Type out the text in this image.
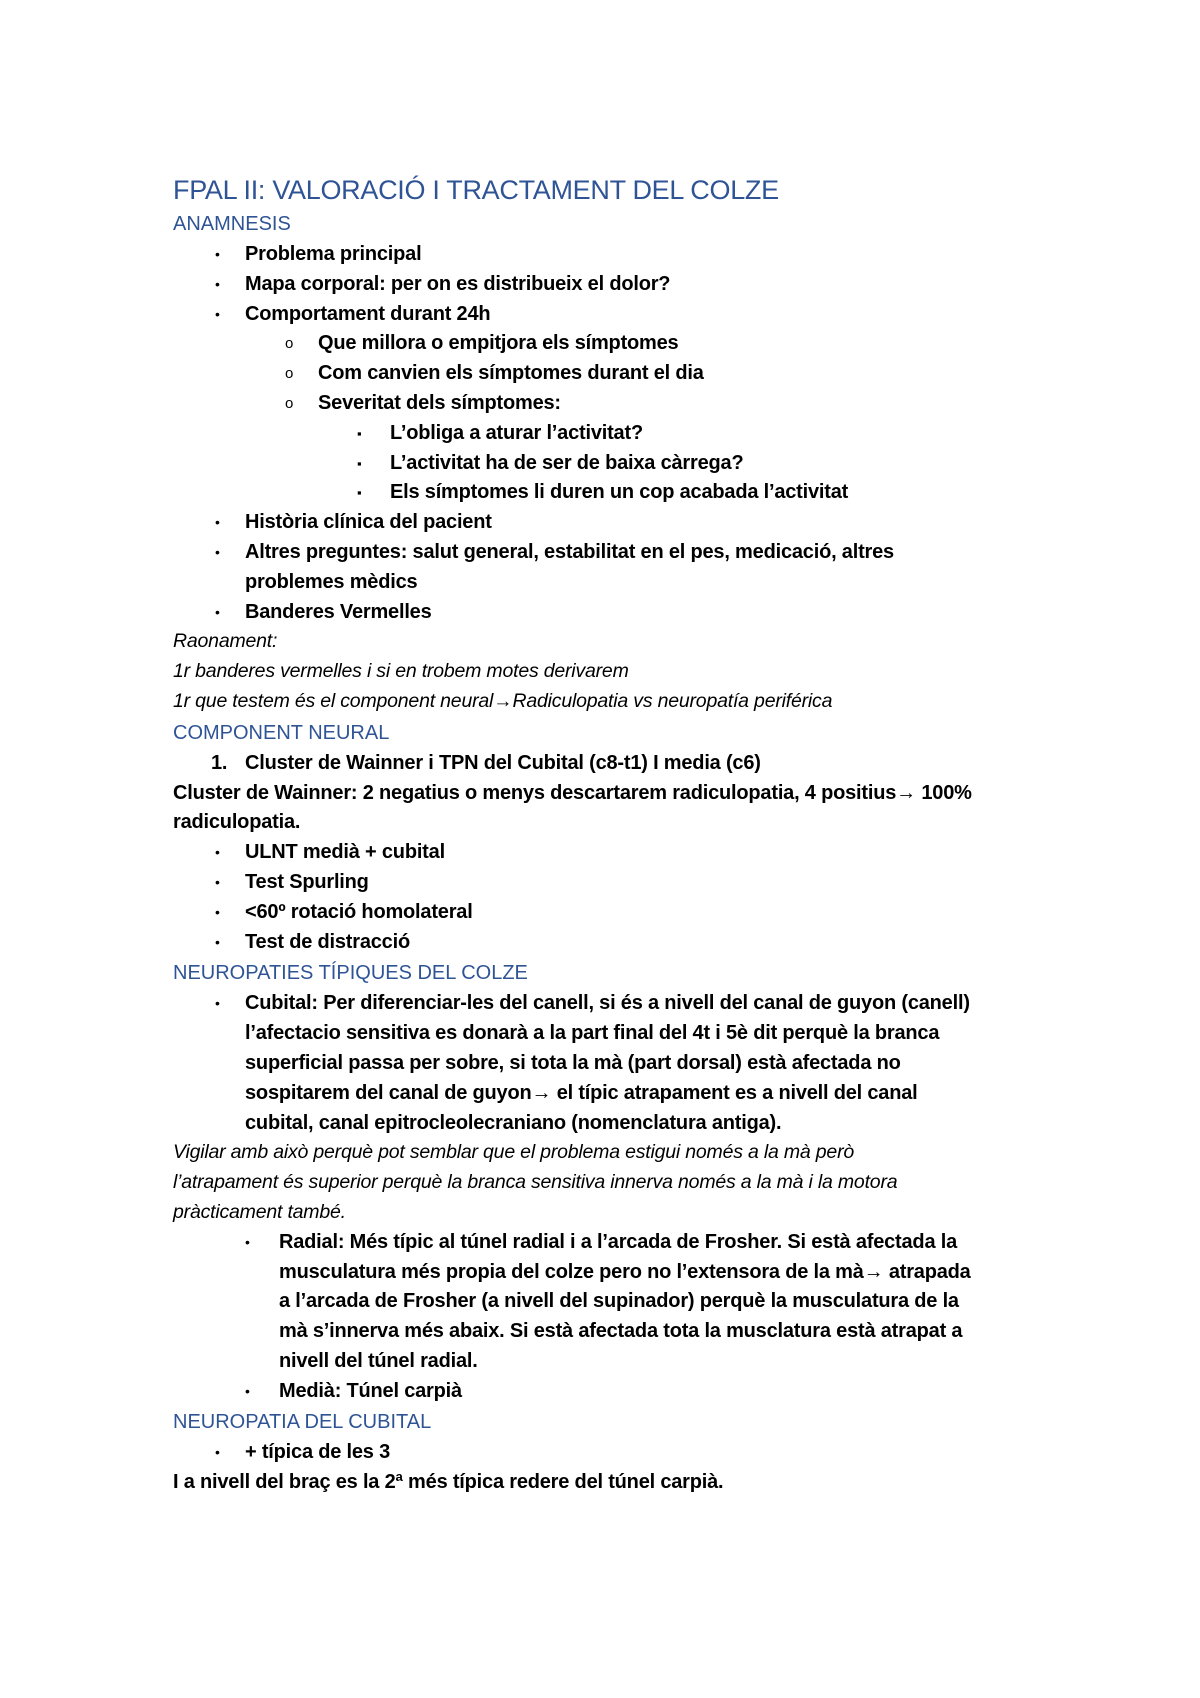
FPAL II: VALORACIÓ I TRACTAMENT DEL COLZE
ANAMNESIS
• Problema principal
• Mapa corporal: per on es distribueix el dolor?
• Comportament durant 24h
o Que millora o empitjora els símptomes
o Com canvien els símptomes durant el dia
o Severitat dels símptomes:
▪ L’obliga a aturar l’activitat?
▪ L’activitat ha de ser de baixa càrrega?
▪ Els símptomes li duren un cop acabada l’activitat
• Història clínica del pacient
• Altres preguntes: salut general, estabilitat en el pes, medicació, altres
problemes mèdics
• Banderes Vermelles

Raonament:

1r banderes vermelles i si en trobem motes derivarem

1r que testem és el component neural→Radiculopatia vs neuropatía periférica

COMPONENT NEURAL
1. Cluster de Wainner i TPN del Cubital (c8-t1) I media (c6)

Cluster de Wainner: 2 negatius o menys descartarem radiculopatia, 4 positius→ 100%

radiculopatia.

• ULNT medià + cubital
• Test Spurling
• <60º rotació homolateral
• Test de distracció
NEUROPATIES TÍPIQUES DEL COLZE
• Cubital: Per diferenciar-les del canell, si és a nivell del canal de guyon (canell)
l’afectacio sensitiva es donarà a la part final del 4t i 5è dit perquè la branca
superficial passa per sobre, si tota la mà (part dorsal) està afectada no
sospitarem del canal de guyon→ el típic atrapament es a nivell del canal
cubital, canal epitrocleolecraniano (nomenclatura antiga).

Vigilar amb això perquè pot semblar que el problema estigui només a la mà però

l’atrapament és superior perquè la branca sensitiva innerva només a la mà i la motora

pràcticament també.

• Radial: Més típic al túnel radial i a l’arcada de Frosher. Si està afectada la
musculatura més propia del colze pero no l’extensora de la mà→ atrapada
a l’arcada de Frosher (a nivell del supinador) perquè la musculatura de la
mà s’innerva més abaix. Si està afectada tota la musclatura està atrapat a
nivell del túnel radial.
• Medià: Túnel carpià
NEUROPATIA DEL CUBITAL
• + típica de les 3

I a nivell del braç es la 2ª més típica redere del túnel carpià.
